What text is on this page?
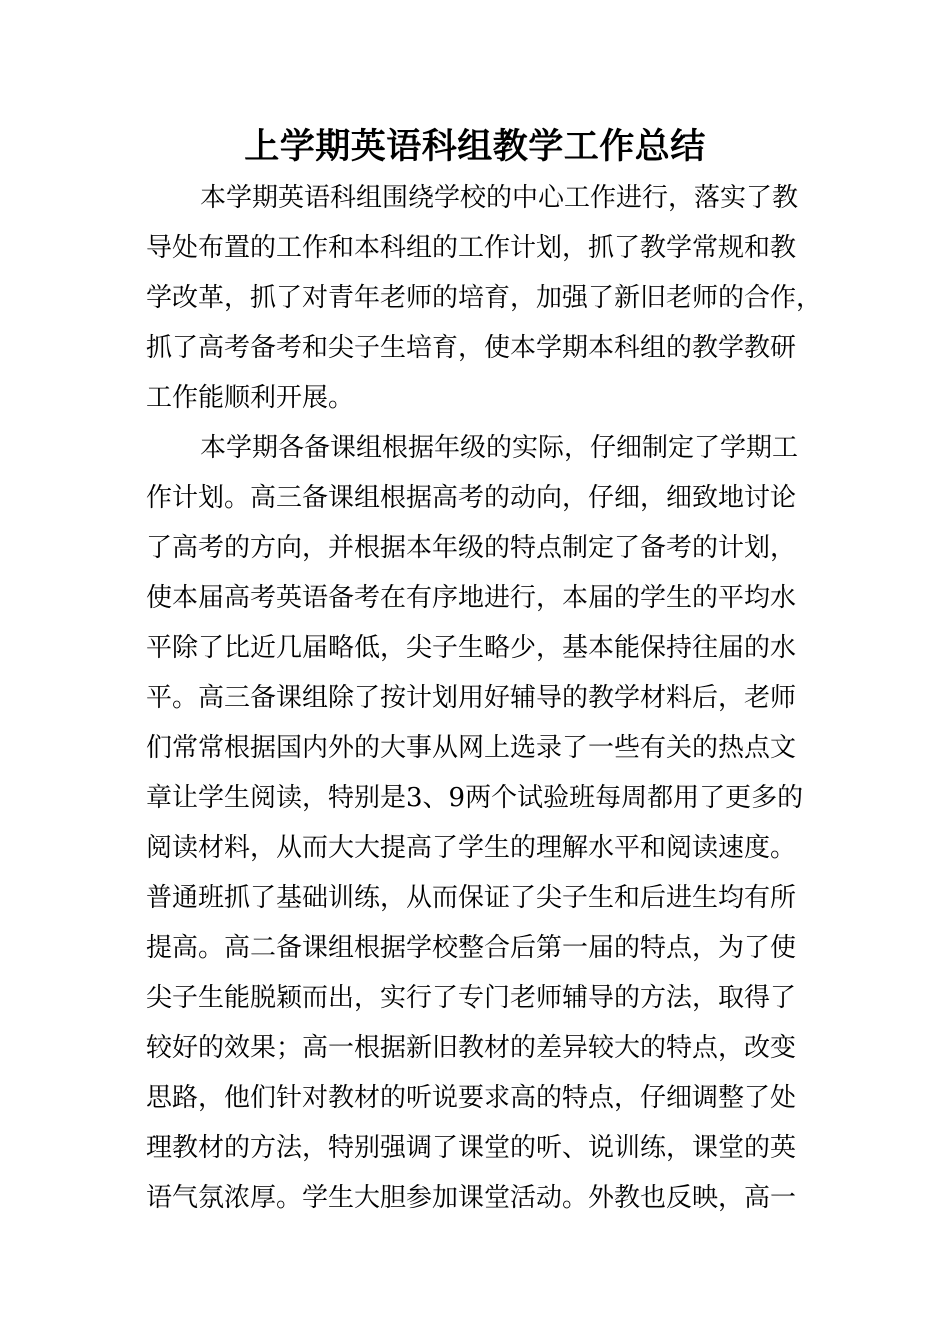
上学期英语科组教学工作总结
本学期英语科组围绕学校的中心工作进行，落实了教
导处布置的工作和本科组的工作计划，抓了教学常规和教
学改革，抓了对青年老师的培育，加强了新旧老师的合作，
抓了高考备考和尖子生培育，使本学期本科组的教学教研
工作能顺利开展。
本学期各备课组根据年级的实际，仔细制定了学期工
作计划。高三备课组根据高考的动向，仔细，细致地讨论
了高考的方向，并根据本年级的特点制定了备考的计划，
使本届高考英语备考在有序地进行，本届的学生的平均水
平除了比近几届略低，尖子生略少，基本能保持往届的水
平。高三备课组除了按计划用好辅导的教学材料后，老师
们常常根据国内外的大事从网上选录了一些有关的热点文
章让学生阅读，特别是3、9两个试验班每周都用了更多的
阅读材料，从而大大提高了学生的理解水平和阅读速度。
普通班抓了基础训练，从而保证了尖子生和后进生均有所
提高。高二备课组根据学校整合后第一届的特点，为了使
尖子生能脱颖而出，实行了专门老师辅导的方法，取得了
较好的效果；高一根据新旧教材的差异较大的特点，改变
思路，他们针对教材的听说要求高的特点，仔细调整了处
理教材的方法，特别强调了课堂的听、说训练，课堂的英
语气氛浓厚。学生大胆参加课堂活动。外教也反映，高一
